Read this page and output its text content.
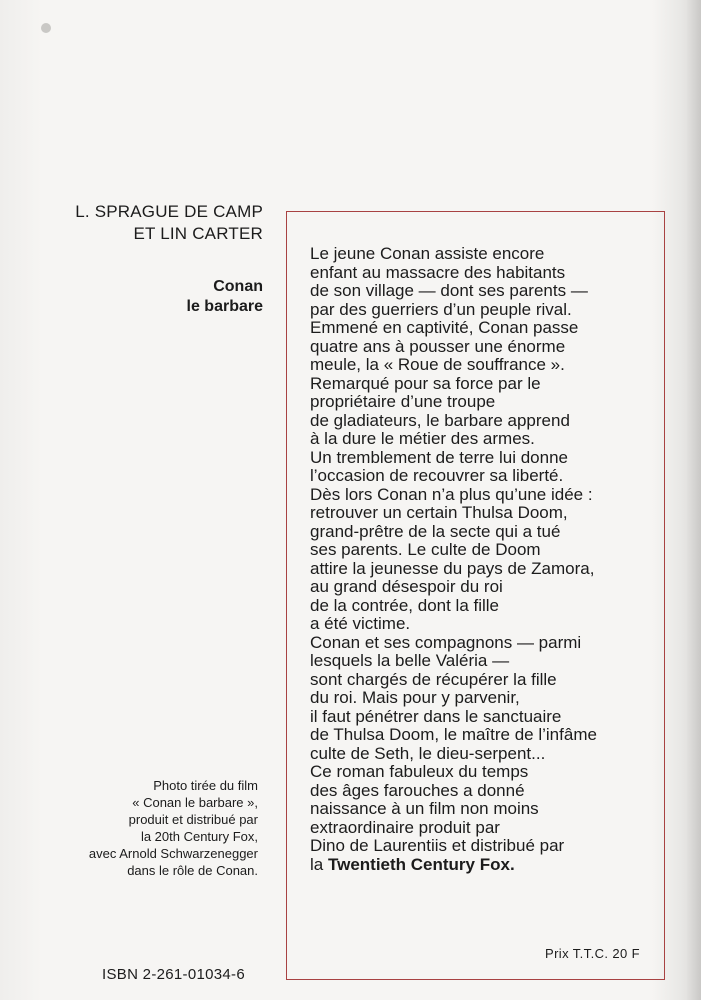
L. SPRAGUE DE CAMP
ET LIN CARTER
Conan
le barbare
Photo tirée du film
« Conan le barbare »,
produit et distribué par
la 20th Century Fox,
avec Arnold Schwarzenegger
dans le rôle de Conan.
ISBN 2-261-01034-6
Le jeune Conan assiste encore
enfant au massacre des habitants
de son village — dont ses parents —
par des guerriers d’un peuple rival.
Emmené en captivité, Conan passe
quatre ans à pousser une énorme
meule, la « Roue de souffrance ».
Remarqué pour sa force par le
propriétaire d’une troupe
de gladiateurs, le barbare apprend
à la dure le métier des armes.
Un tremblement de terre lui donne
l’occasion de recouvrer sa liberté.
Dès lors Conan n’a plus qu’une idée :
retrouver un certain Thulsa Doom,
grand-prêtre de la secte qui a tué
ses parents. Le culte de Doom
attire la jeunesse du pays de Zamora,
au grand désespoir du roi
de la contrée, dont la fille
a été victime.
Conan et ses compagnons — parmi
lesquels la belle Valéria —
sont chargés de récupérer la fille
du roi. Mais pour y parvenir,
il faut pénétrer dans le sanctuaire
de Thulsa Doom, le maître de l’infâme
culte de Seth, le dieu-serpent...
Ce roman fabuleux du temps
des âges farouches a donné
naissance à un film non moins
extraordinaire produit par
Dino de Laurentiis et distribué par
la Twentieth Century Fox.
Prix T.T.C. 20 F
